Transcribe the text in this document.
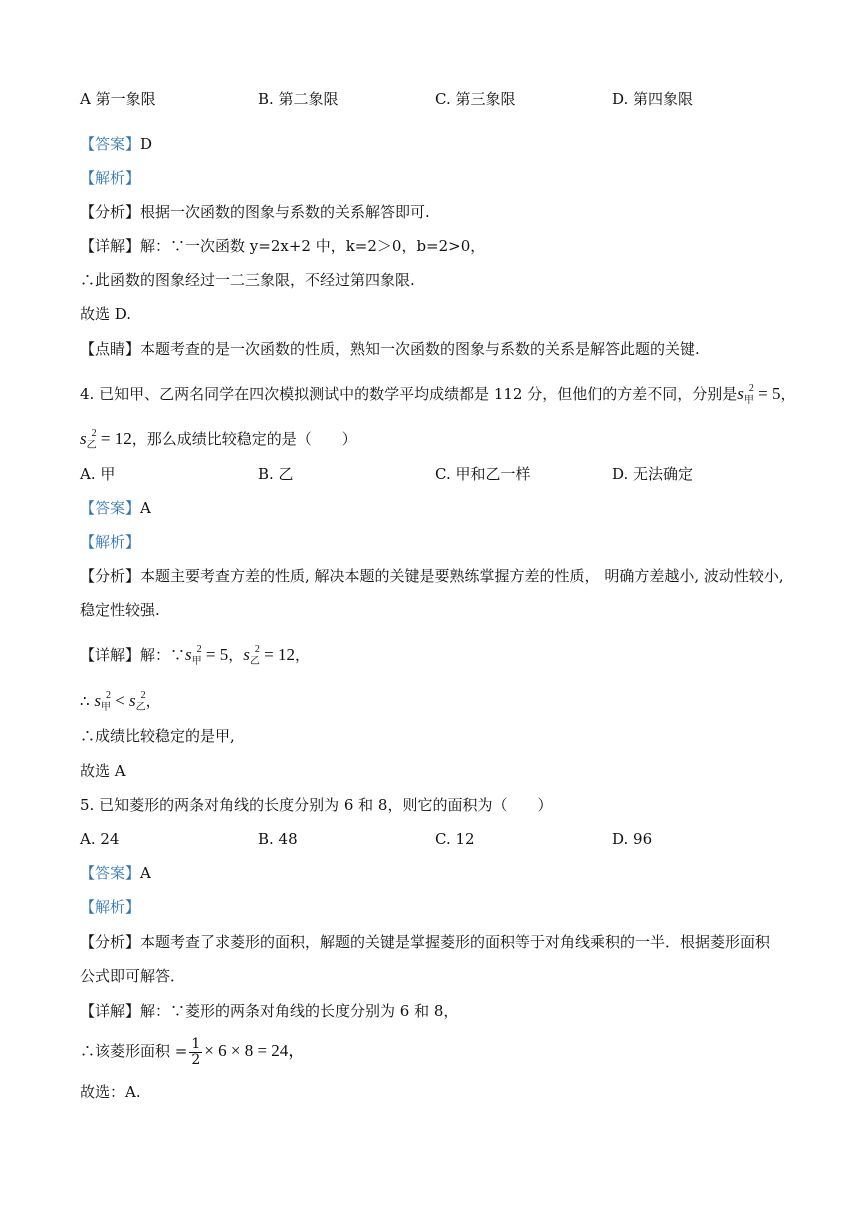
A 第一象限	B. 第二象限	C. 第三象限	D. 第四象限
【答案】D
【解析】
【分析】根据一次函数的图象与系数的关系解答即可.
【详解】解：∵一次函数 y=2x+2 中，k=2＞0，b=2>0，
∴此函数的图象经过一二三象限，不经过第四象限.
故选 D.
【点睛】本题考查的是一次函数的性质，熟知一次函数的图象与系数的关系是解答此题的关键.
4. 已知甲、乙两名同学在四次模拟测试中的数学平均成绩都是 112 分，但他们的方差不同，分别是$s_甲^2 = 5$，
$s_乙^2 = 12$，那么成绩比较稳定的是（　　）
A. 甲	B. 乙	C. 甲和乙一样	D. 无法确定
【答案】A
【解析】
【分析】本题主要考查方差的性质, 解决本题的关键是要熟练掌握方差的性质， 明确方差越小, 波动性较小,
稳定性较强.
【详解】解：$\because s_甲^2 = 5$，$s_乙^2 = 12$，
∴ $s_甲^2 < s_乙^2$，
∴成绩比较稳定的是甲,
故选 A
5. 已知菱形的两条对角线的长度分别为 6 和 8，则它的面积为（　　）
A. 24	B. 48	C. 12	D. 96
【答案】A
【解析】
【分析】本题考查了求菱形的面积，解题的关键是掌握菱形的面积等于对角线乘积的一半．根据菱形面积
公式即可解答．
【详解】解：∵菱形的两条对角线的长度分别为 6 和 8，
∴该菱形面积 = $\frac{1}{2} \times 6 \times 8 = 24$，
故选：A.
